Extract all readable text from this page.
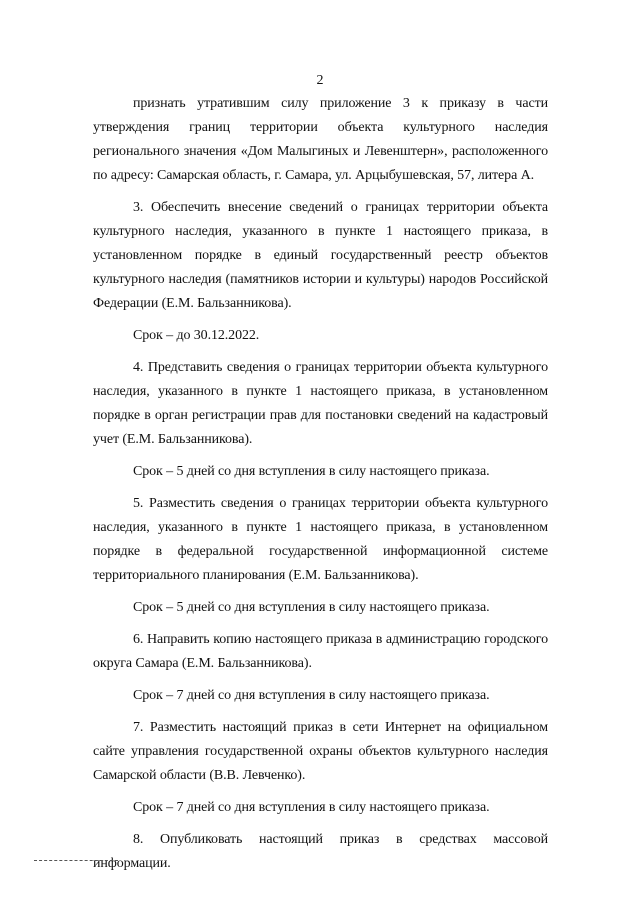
2

признать утратившим силу приложение 3 к приказу в части утверждения границ территории объекта культурного наследия регионального значения «Дом Малыгиных и Левенштерн», расположенного по адресу: Самарская область, г. Самара, ул. Арцыбушевская, 57, литера А.

3. Обеспечить внесение сведений о границах территории объекта культурного наследия, указанного в пункте 1 настоящего приказа, в установленном порядке в единый государственный реестр объектов культурного наследия (памятников истории и культуры) народов Российской Федерации (Е.М. Бальзанникова).

Срок – до 30.12.2022.

4. Представить сведения о границах территории объекта культурного наследия, указанного в пункте 1 настоящего приказа, в установленном порядке в орган регистрации прав для постановки сведений на кадастровый учет (Е.М. Бальзанникова).

Срок – 5 дней со дня вступления в силу настоящего приказа.

5. Разместить сведения о границах территории объекта культурного наследия, указанного в пункте 1 настоящего приказа, в установленном порядке в федеральной государственной информационной системе территориального планирования (Е.М. Бальзанникова).

Срок – 5 дней со дня вступления в силу настоящего приказа.

6. Направить копию настоящего приказа в администрацию городского округа Самара (Е.М. Бальзанникова).

Срок – 7 дней со дня вступления в силу настоящего приказа.

7. Разместить настоящий приказ в сети Интернет на официальном сайте управления государственной охраны объектов культурного наследия Самарской области (В.В. Левченко).

Срок – 7 дней со дня вступления в силу настоящего приказа.

8. Опубликовать настоящий приказ в средствах массовой информации.
